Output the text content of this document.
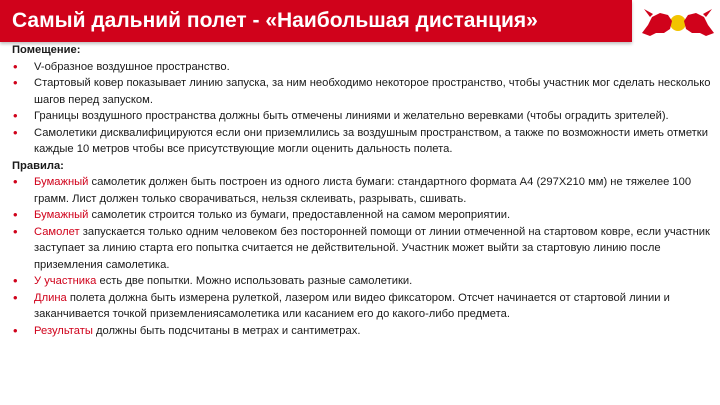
Самый дальний полет - «Наибольшая дистанция»
Помещение:
• V-образное воздушное пространство.
• Стартовый ковер показывает линию запуска, за ним необходимо некоторое пространство, чтобы участник мог сделать несколько шагов перед запуском.
• Границы воздушного пространства должны быть отмечены линиями и желательно веревками (чтобы оградить зрителей).
• Самолетики дисквалифицируются если они приземлились за воздушным пространством, а также по возможности иметь отметки каждые 10 метров чтобы все присутствующие могли оценить дальность полета.
Правила:
• Бумажный самолетик должен быть построен из одного листа бумаги: стандартного формата А4 (297Х210 мм) не тяжелее 100 грамм. Лист должен только сворачиваться, нельзя склеивать, разрывать, сшивать.
• Бумажный самолетик строится только из бумаги, предоставленной на самом мероприятии.
• Самолет запускается только одним человеком без посторонней помощи от линии отмеченной на стартовом ковре, если участник заступает за линию старта его попытка считается не действительной. Участник может выйти за стартовую линию после приземления самолетика.
• У участника есть две попытки. Можно использовать разные самолетики.
• Длина полета должна быть измерена рулеткой, лазером или видео фиксатором. Отсчет начинается от стартовой линии и заканчивается точкой приземлениясамолетика или касанием его до какого-либо предмета.
• Результаты должны быть подсчитаны в метрах и сантиметрах.
